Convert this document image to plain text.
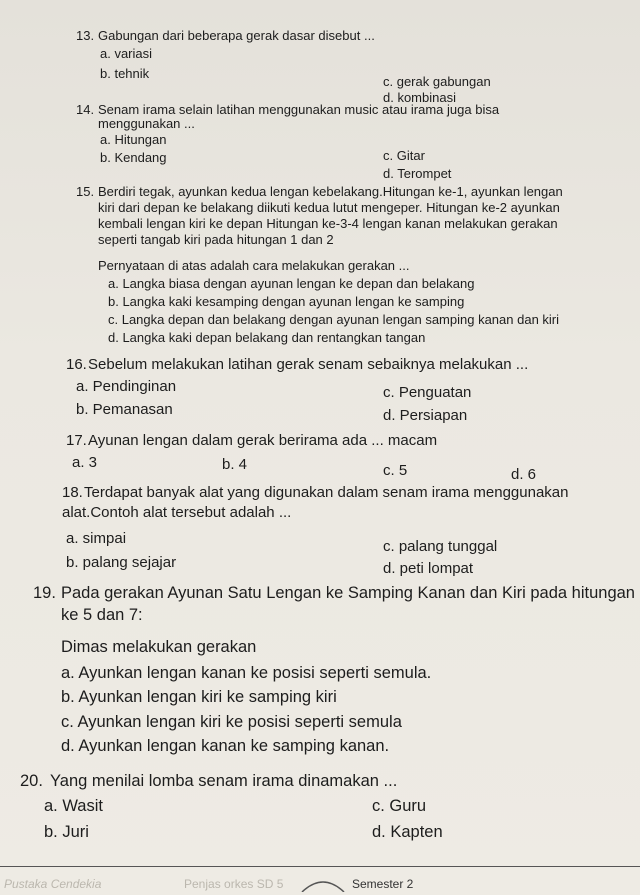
13. Gabungan dari beberapa gerak dasar disebut ...
a. variasi
b. tehnik
c. gerak gabungan
d. kombinasi
14. Senam irama selain latihan menggunakan music atau irama juga bisa
menggunakan ...
a. Hitungan
b. Kendang	c. Gitar
d. Terompet
15. Berdiri tegak, ayunkan kedua lengan kebelakang.Hitungan ke-1, ayunkan lengan
kiri dari depan ke belakang diikuti kedua lutut mengeper. Hitungan ke-2 ayunkan
kembali lengan kiri ke depan Hitungan ke-3-4 lengan kanan melakukan gerakan
seperti tangab kiri pada hitungan 1 dan 2
Pernyataan di atas adalah cara melakukan gerakan ...
a. Langka biasa dengan ayunan lengan ke depan dan belakang
b. Langka kaki kesamping dengan ayunan lengan ke samping
c. Langka depan dan belakang dengan ayunan lengan samping kanan dan kiri
d. Langka kaki depan belakang dan rentangkan tangan
16.Sebelum melakukan latihan gerak senam sebaiknya melakukan ...
a. Pendinginan
b. Pemanasan
c. Penguatan
d. Persiapan
17.Ayunan lengan dalam gerak berirama ada ... macam
a. 3	b. 4	c. 5	d. 6
18.Terdapat banyak alat yang digunakan dalam senam irama menggunakan
alat.Contoh alat tersebut adalah ...
a. simpai
b. palang sejajar
c. palang tunggal
d. peti lompat
19. Pada gerakan Ayunan Satu Lengan ke Samping Kanan dan Kiri pada hitungan
ke 5 dan 7:
Dimas melakukan gerakan
a. Ayunkan lengan kanan ke posisi seperti semula.
b. Ayunkan lengan kiri ke samping kiri
c. Ayunkan lengan kiri ke posisi seperti semula
d. Ayunkan lengan kanan ke samping kanan.
20. Yang menilai lomba senam irama dinamakan ...
a. Wasit
b. Juri
c. Guru
d. Kapten
Pustaka Cendekia	Penjas orkes SD 5	Semester 2
